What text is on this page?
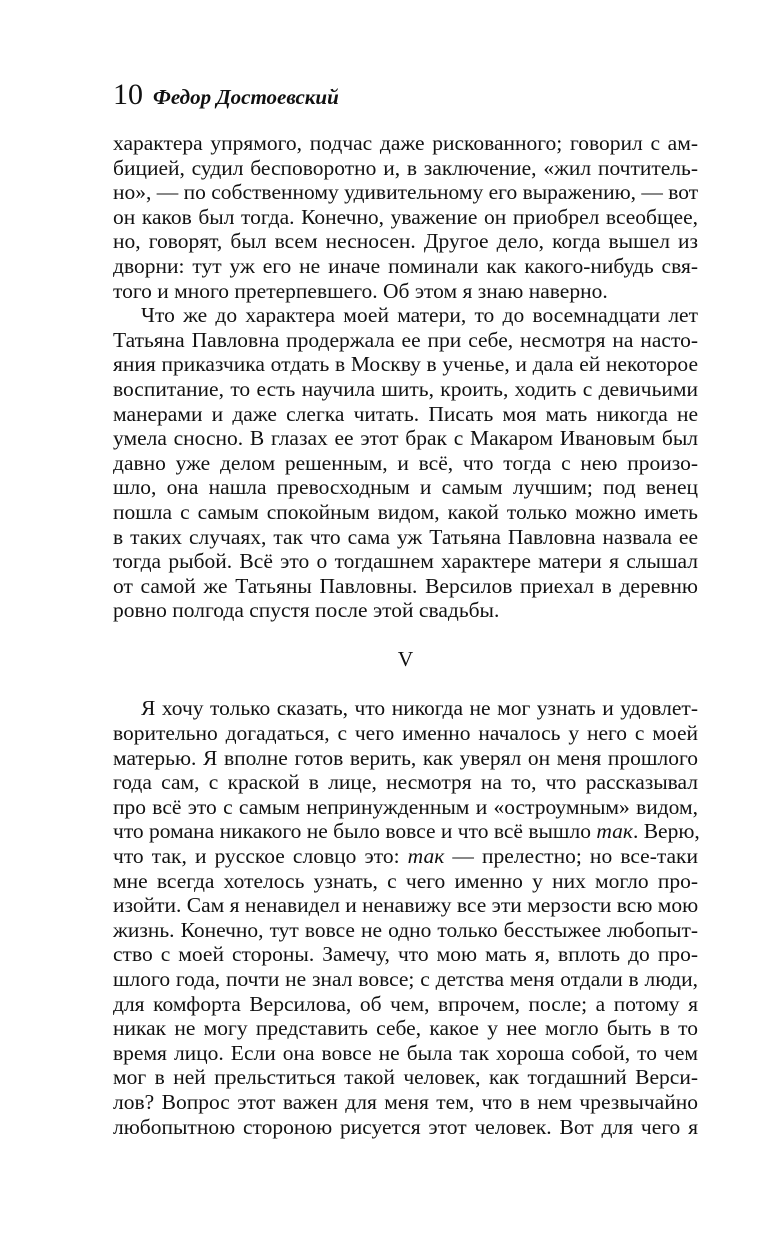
10 Федор Достоевский
характера упрямого, подчас даже рискованного; говорил с ам-
бицией, судил бесповоротно и, в заключение, «жил почтитель-
но», — по собственному удивительному его выражению, — вот
он каков был тогда. Конечно, уважение он приобрел всеобщее,
но, говорят, был всем несносен. Другое дело, когда вышел из
дворни: тут уж его не иначе поминали как какого-нибудь свя-
того и много претерпевшего. Об этом я знаю наверно.
Что же до характера моей матери, то до восемнадцати лет
Татьяна Павловна продержала ее при себе, несмотря на насто-
яния приказчика отдать в Москву в ученье, и дала ей некоторое
воспитание, то есть научила шить, кроить, ходить с девичьими
манерами и даже слегка читать. Писать моя мать никогда не
умела сносно. В глазах ее этот брак с Макаром Ивановым был
давно уже делом решенным, и всё, что тогда с нею произо-
шло, она нашла превосходным и самым лучшим; под венец
пошла с самым спокойным видом, какой только можно иметь
в таких случаях, так что сама уж Татьяна Павловна назвала ее
тогда рыбой. Всё это о тогдашнем характере матери я слышал
от самой же Татьяны Павловны. Версилов приехал в деревню
ровно полгода спустя после этой свадьбы.
V
Я хочу только сказать, что никогда не мог узнать и удовлет-
ворительно догадаться, с чего именно началось у него с моей
матерью. Я вполне готов верить, как уверял он меня прошлого
года сам, с краской в лице, несмотря на то, что рассказывал
про всё это с самым непринужденным и «остроумным» видом,
что романа никакого не было вовсе и что всё вышло так. Верю,
что так, и русское словцо это: так — прелестно; но все-таки
мне всегда хотелось узнать, с чего именно у них могло про-
изойти. Сам я ненавидел и ненавижу все эти мерзости всю мою
жизнь. Конечно, тут вовсе не одно только бесстыжее любопыт-
ство с моей стороны. Замечу, что мою мать я, вплоть до про-
шлого года, почти не знал вовсе; с детства меня отдали в люди,
для комфорта Версилова, об чем, впрочем, после; а потому я
никак не могу представить себе, какое у нее могло быть в то
время лицо. Если она вовсе не была так хороша собой, то чем
мог в ней прельститься такой человек, как тогдашний Верси-
лов? Вопрос этот важен для меня тем, что в нем чрезвычайно
любопытною стороною рисуется этот человек. Вот для чего я
